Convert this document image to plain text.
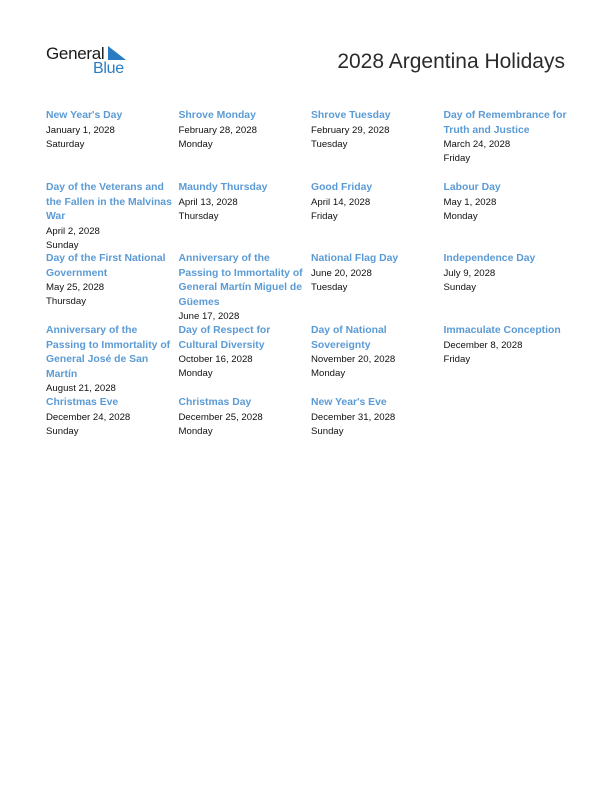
General
Blue	2028 Argentina Holidays
New Year's Day
January 1, 2028
Saturday
Shrove Monday
February 28, 2028
Monday
Shrove Tuesday
February 29, 2028
Tuesday
Day of Remembrance for Truth and Justice
March 24, 2028
Friday
Day of the Veterans and the Fallen in the Malvinas War
April 2, 2028
Sunday
Maundy Thursday
April 13, 2028
Thursday
Good Friday
April 14, 2028
Friday
Labour Day
May 1, 2028
Monday
Day of the First National Government
May 25, 2028
Thursday
Anniversary of the Passing to Immortality of General Martín Miguel de Güemes
June 17, 2028
National Flag Day
June 20, 2028
Tuesday
Independence Day
July 9, 2028
Sunday
Anniversary of the Passing to Immortality of General José de San Martín
August 21, 2028
Day of Respect for Cultural Diversity
October 16, 2028
Monday
Day of National Sovereignty
November 20, 2028
Monday
Immaculate Conception
December 8, 2028
Friday
Christmas Eve
December 24, 2028
Sunday
Christmas Day
December 25, 2028
Monday
New Year's Eve
December 31, 2028
Sunday
